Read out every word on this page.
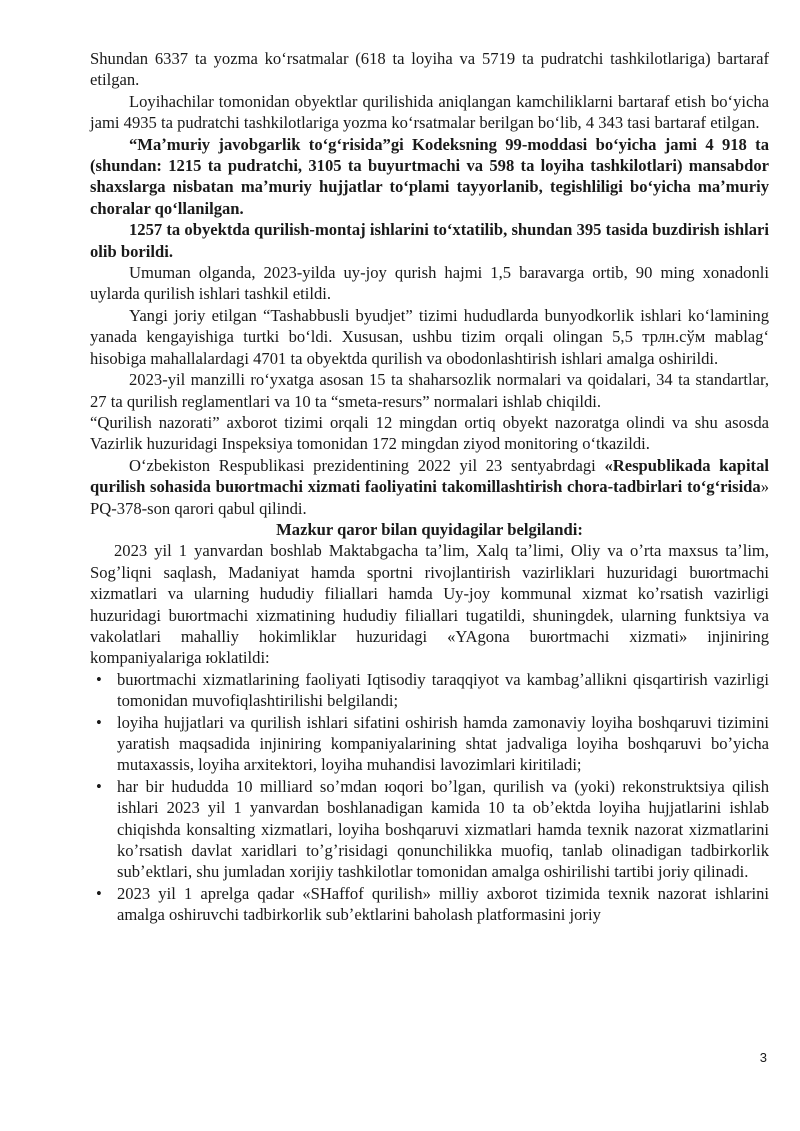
Shundan 6337 ta yozma koʻrsatmalar (618 ta loyiha va 5719 ta pudratchi tashkilotlariga) bartaraf etilgan.

Loyihachilar tomonidan obyektlar qurilishida aniqlangan kamchiliklarni bartaraf etish boʻyicha jami 4935 ta pudratchi tashkilotlariga yozma koʻrsatmalar berilgan boʻlib, 4 343 tasi bartaraf etilgan.

“Maʼmuriy javobgarlik toʻgʻrisida”gi Kodeksning 99-moddasi boʻyicha jami 4 918 ta (shundan: 1215 ta pudratchi, 3105 ta buyurtmachi va 598 ta loyiha tashkilotlari) mansabdor shaxslarga nisbatan maʼmuriy hujjatlar toʻplami tayyorlanib, tegishliligi boʻyicha maʼmuriy choralar qoʻllanilgan.

1257 ta obyektda qurilish-montaj ishlarini toʻxtatilib, shundan 395 tasida buzdirish ishlari olib borildi.

Umuman olganda, 2023-yilda uy-joy qurish hajmi 1,5 baravarga ortib, 90 ming xonadonli uylarda qurilish ishlari tashkil etildi.

Yangi joriy etilgan “Tashabbusli byudjet” tizimi hududlarda bunyodkorlik ishlari koʻlamining yanada kengayishiga turtki boʻldi. Xususan, ushbu tizim orqali olingan 5,5 трлн.сўм mablagʻ hisobiga mahallalardagi 4701 ta obyektda qurilish va obodonlashtirish ishlari amalga oshirildi.

2023-yil manzilli roʻyxatga asosan 15 ta shaharsozlik normalari va qoidalari, 34 ta standartlar, 27 ta qurilish reglamentlari va 10 ta “smeta-resurs” normalari ishlab chiqildi.

“Qurilish nazorati” axborot tizimi orqali 12 mingdan ortiq obyekt nazoratga olindi va shu asosda Vazirlik huzuridagi Inspeksiya tomonidan 172 mingdan ziyod monitoring oʻtkazildi.

Oʻzbekiston Respublikasi prezidentining 2022 yil 23 sentyabrdagi «Respublikada kapital qurilish sohasida buюrtmachi xizmati faoliyatini takomillashtirish chora-tadbirlari toʻgʻrisida» PQ-378-son qarori qabul qilindi.

Mazkur qaror bilan quyidagilar belgilandi:

2023 yil 1 yanvardan boshlab Maktabgacha taʼlim, Xalq taʼlimi, Oliy va oʼrta maxsus taʼlim, Sogʼliqni saqlash, Madaniyat hamda sportni rivojlantirish vazirliklari huzuridagi buюrtmachi xizmatlari va ularning hududiy filiallari hamda Uy-joy kommunal xizmat koʼrsatish vazirligi huzuridagi buюrtmachi xizmatining hududiy filiallari tugatildi, shuningdek, ularning funktsiya va vakolatlari mahalliy hokimliklar huzuridagi «YAgona buюrtmachi xizmati» injiniring kompaniyalariga юklatildi:

• buюrtmachi xizmatlarining faoliyati Iqtisodiy taraqqiyot va kambagʼallikni qisqartirish vazirligi tomonidan muvofiqlashtirilishi belgilandi;
• loyiha hujjatlari va qurilish ishlari sifatini oshirish hamda zamonaviy loyiha boshqaruvi tizimini yaratish maqsadida injiniring kompaniyalarining shtat jadvaliga loyiha boshqaruvi boʼyicha mutaxassis, loyiha arxitektori, loyiha muhandisi lavozimlari kiritiladi;
• har bir hududda 10 milliard soʼmdan юqori boʼlgan, qurilish va (yoki) rekonstruktsiya qilish ishlari 2023 yil 1 yanvardan boshlanadigan kamida 10 ta obʼektda loyiha hujjatlarini ishlab chiqishda konsalting xizmatlari, loyiha boshqaruvi xizmatlari hamda texnik nazorat xizmatlarini koʼrsatish davlat xaridlari toʼgʼrisidagi qonunchilikka muofiq, tanlab olinadigan tadbirkorlik subʼektlari, shu jumladan xorijiy tashkilotlar tomonidan amalga oshirilishi tartibi joriy qilinadi.
• 2023 yil 1 aprelga qadar «SHaffof qurilish» milliy axborot tizimida texnik nazorat ishlarini amalga oshiruvchi tadbirkorlik subʼektlarini baholash platformasini joriy
3
